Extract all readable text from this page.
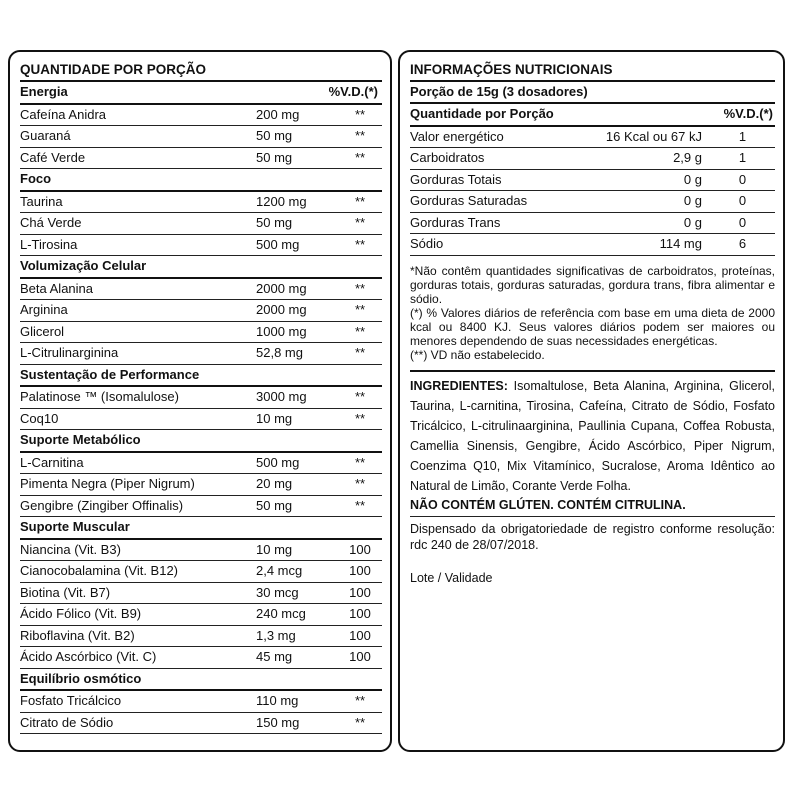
QUANTIDADE POR PORÇÃO
Energia	%V.D.(*)
Cafeína Anidra	200 mg	**
Guaraná	50 mg	**
Café Verde	50 mg	**
Foco
Taurina	1200 mg	**
Chá Verde	50 mg	**
L-Tirosina	500 mg	**
Volumização Celular
Beta Alanina	2000 mg	**
Arginina	2000 mg	**
Glicerol	1000 mg	**
L-Citrulinarginina	52,8 mg	**
Sustentação de Performance
Palatinose ™ (Isomalulose)	3000 mg	**
Coq10	10 mg	**
Suporte Metabólico
L-Carnitina	500 mg	**
Pimenta Negra (Piper Nigrum)	20 mg	**
Gengibre (Zingiber Offinalis)	50 mg	**
Suporte Muscular
Niancina (Vit. B3)	10 mg	100
Cianocobalamina (Vit. B12)	2,4 mcg	100
Biotina (Vit. B7)	30 mcg	100
Ácido Fólico (Vit. B9)	240 mcg	100
Riboflavina (Vit. B2)	1,3 mg	100
Ácido Ascórbico (Vit. C)	45 mg	100
Equilíbrio osmótico
Fosfato Tricálcico	110 mg	**
Citrato de Sódio	150 mg	**
INFORMAÇÕES NUTRICIONAIS
Porção de 15g (3 dosadores)
Quantidade por Porção	%V.D.(*)
Valor energético	16 Kcal ou 67 kJ	1
Carboidratos	2,9 g	1
Gorduras Totais	0 g	0
Gorduras Saturadas	0 g	0
Gorduras Trans	0 g	0
Sódio	114 mg	6
*Não contêm quantidades significativas de carboidratos, proteínas, gorduras totais, gorduras saturadas, gordura trans, fibra alimentar e sódio.
(*) % Valores diários de referência com base em uma dieta de 2000 kcal ou 8400 KJ. Seus valores diários podem ser maiores ou menores dependendo de suas necessidades energéticas.
(**) VD não estabelecido.
INGREDIENTES: Isomaltulose, Beta Alanina, Arginina, Glicerol, Taurina, L-carnitina, Tirosina, Cafeína, Citrato de Sódio, Fosfato Tricálcico, L-citrulinaarginina, Paullinia Cupana, Coffea Robusta, Camellia Sinensis, Gengibre, Ácido Ascórbico, Piper Nigrum, Coenzima Q10, Mix Vitamínico, Sucralose, Aroma Idêntico ao Natural de Limão, Corante Verde Folha.
NÃO CONTÉM GLÚTEN. CONTÉM CITRULINA.
Dispensado da obrigatoriedade de registro conforme resolução: rdc 240 de 28/07/2018.
Lote / Validade
